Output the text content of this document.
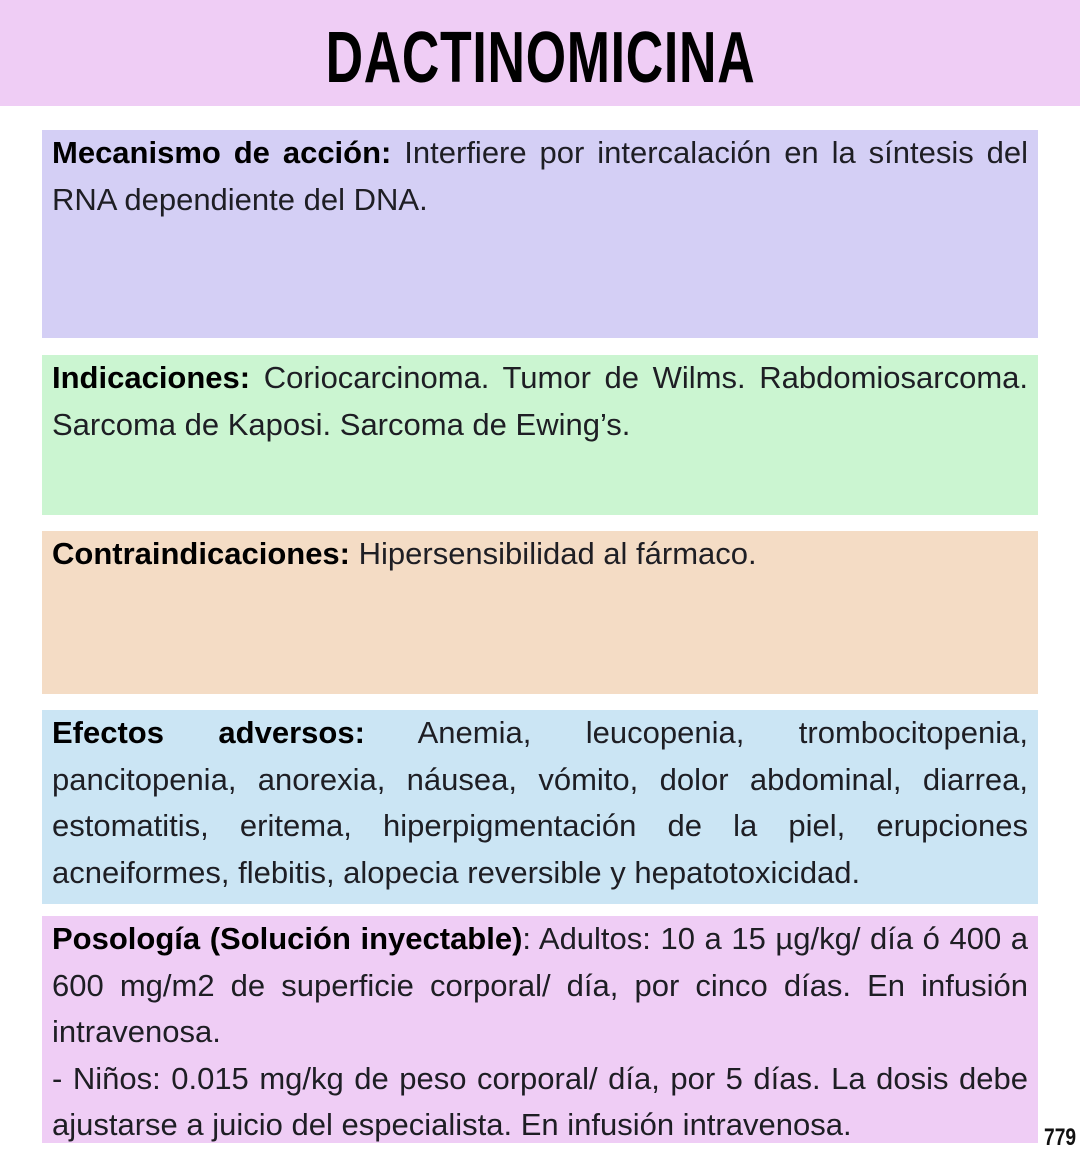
DACTINOMICINA

Mecanismo de acción: Interfiere por intercalación en la síntesis del RNA dependiente del DNA.

Indicaciones: Coriocarcinoma. Tumor de Wilms. Rabdomiosarcoma. Sarcoma de Kaposi. Sarcoma de Ewing’s.

Contraindicaciones: Hipersensibilidad al fármaco.

Efectos adversos: Anemia, leucopenia, trombocitopenia, pancitopenia, anorexia, náusea, vómito, dolor abdominal, diarrea, estomatitis, eritema, hiperpigmentación de la piel, erupciones acneiformes, flebitis, alopecia reversible y hepatotoxicidad.

Posología (Solución inyectable): Adultos: 10 a 15 µg/kg/ día ó 400 a 600 mg/m2 de superficie corporal/ día, por cinco días. En infusión intravenosa.

- Niños: 0.015 mg/kg de peso corporal/ día, por 5 días. La dosis debe ajustarse a juicio del especialista. En infusión intravenosa.	779
